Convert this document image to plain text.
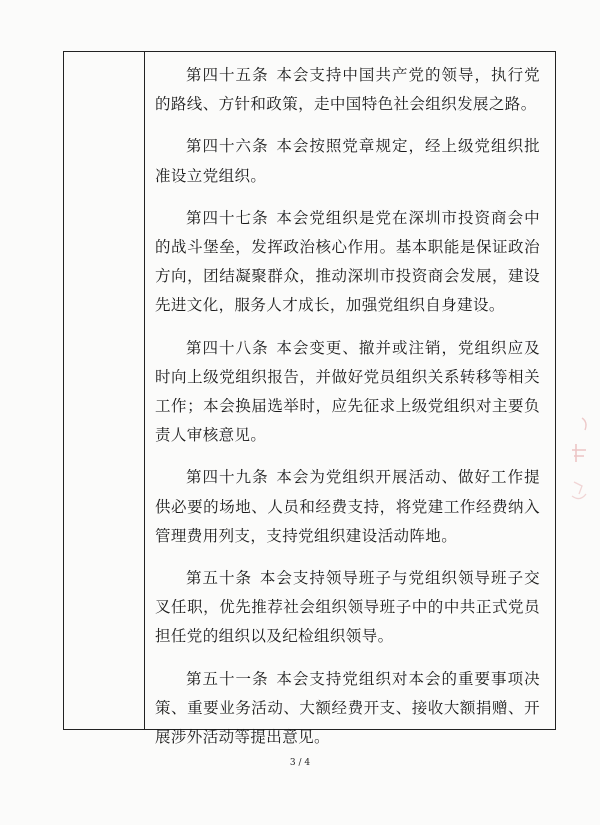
第四十五条 本会支持中国共产党的领导，执行党的路线、方针和政策，走中国特色社会组织发展之路。

第四十六条 本会按照党章规定，经上级党组织批准设立党组织。

第四十七条 本会党组织是党在深圳市投资商会中的战斗堡垒，发挥政治核心作用。基本职能是保证政治方向，团结凝聚群众，推动深圳市投资商会发展，建设先进文化，服务人才成长，加强党组织自身建设。

第四十八条 本会变更、撤并或注销，党组织应及时向上级党组织报告，并做好党员组织关系转移等相关工作；本会换届选举时，应先征求上级党组织对主要负责人审核意见。

第四十九条 本会为党组织开展活动、做好工作提供必要的场地、人员和经费支持，将党建工作经费纳入管理费用列支，支持党组织建设活动阵地。

第五十条 本会支持领导班子与党组织领导班子交叉任职，优先推荐社会组织领导班子中的中共正式党员担任党的组织以及纪检组织领导。

第五十一条 本会支持党组织对本会的重要事项决策、重要业务活动、大额经费开支、接收大额捐赠、开展涉外活动等提出意见。

3 / 4
